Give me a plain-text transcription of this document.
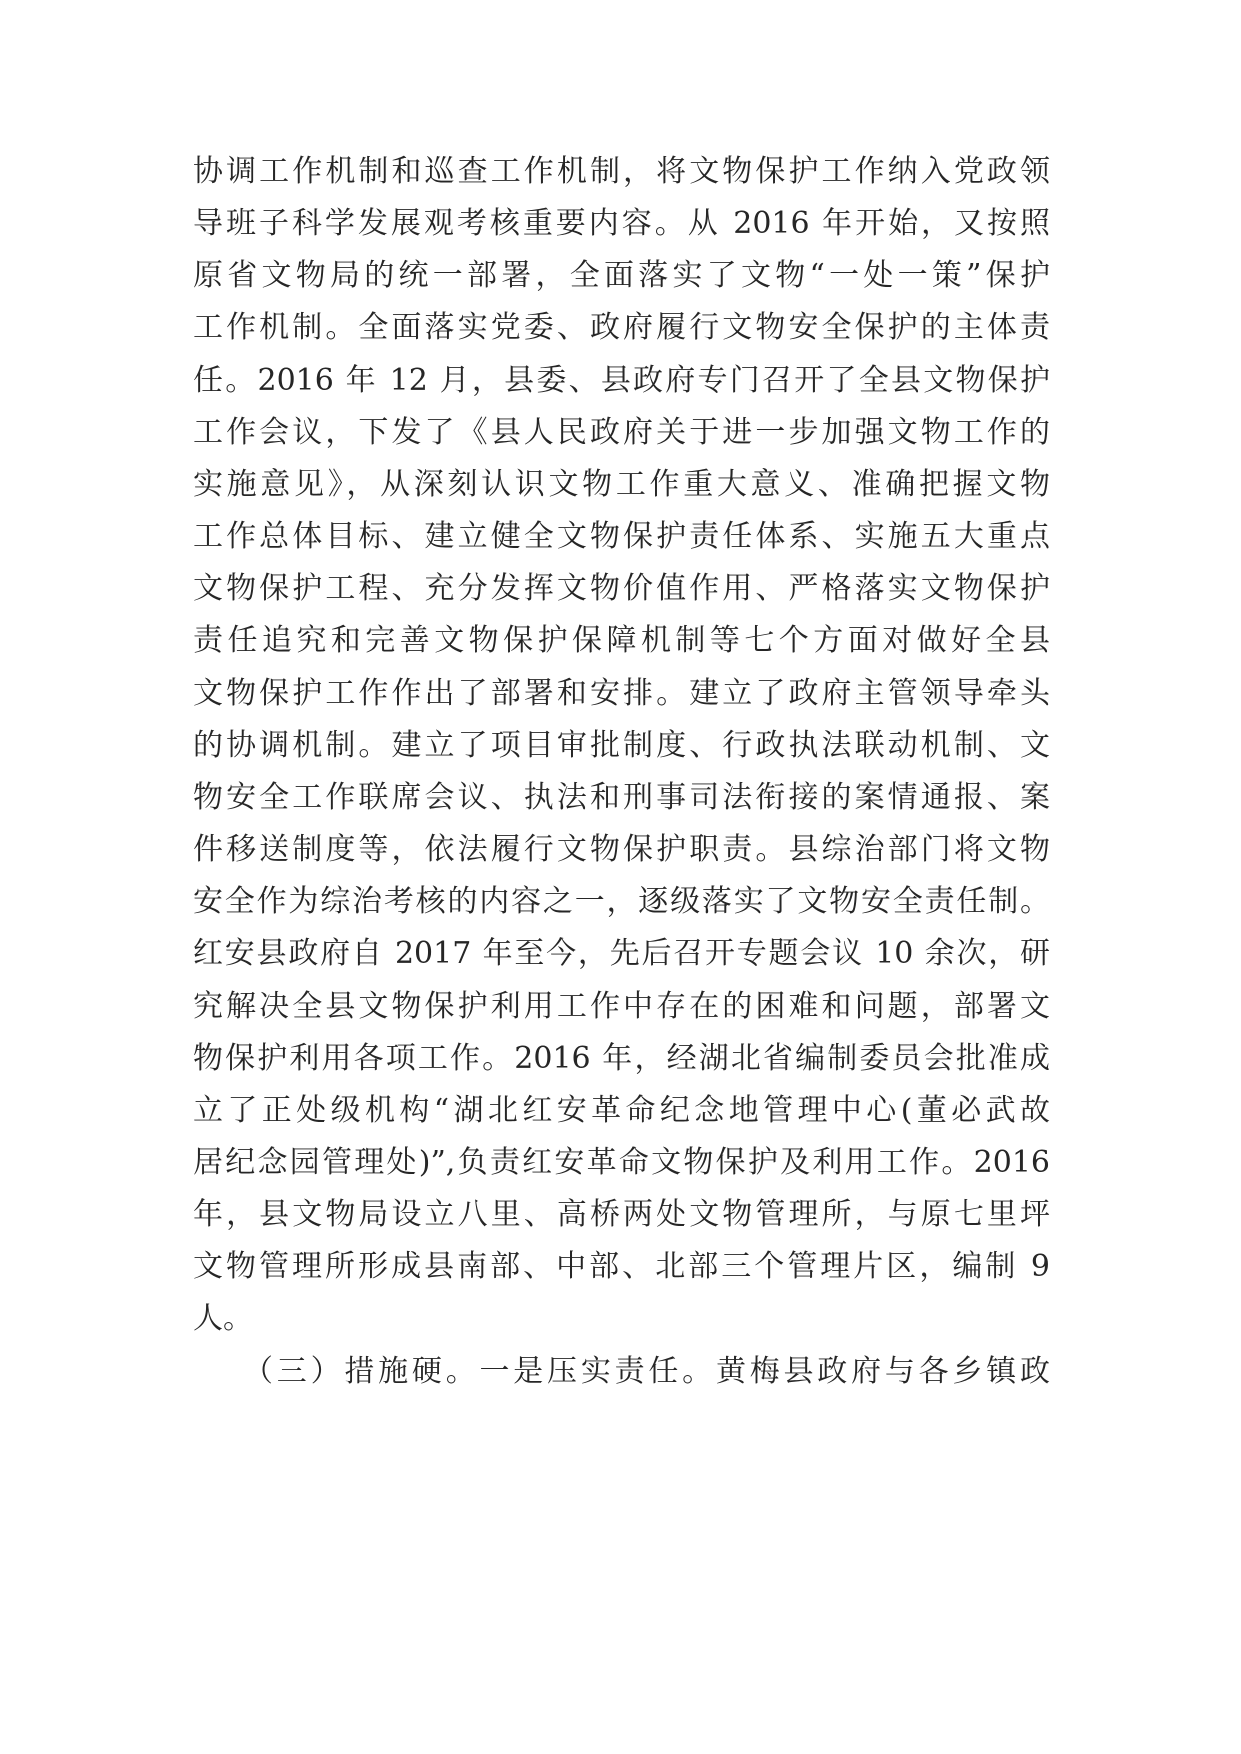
协调工作机制和巡查工作机制，将文物保护工作纳入党政领
导班子科学发展观考核重要内容。从 2016 年开始，又按照
原省文物局的统一部署，全面落实了文物“一处一策”保护
工作机制。全面落实党委、政府履行文物安全保护的主体责
任。2016 年 12 月，县委、县政府专门召开了全县文物保护
工作会议，下发了《县人民政府关于进一步加强文物工作的
实施意见》，从深刻认识文物工作重大意义、准确把握文物
工作总体目标、建立健全文物保护责任体系、实施五大重点
文物保护工程、充分发挥文物价值作用、严格落实文物保护
责任追究和完善文物保护保障机制等七个方面对做好全县
文物保护工作作出了部署和安排。建立了政府主管领导牵头
的协调机制。建立了项目审批制度、行政执法联动机制、文
物安全工作联席会议、执法和刑事司法衔接的案情通报、案
件移送制度等，依法履行文物保护职责。县综治部门将文物
安全作为综治考核的内容之一，逐级落实了文物安全责任制。
红安县政府自 2017 年至今，先后召开专题会议 10 余次，研
究解决全县文物保护利用工作中存在的困难和问题，部署文
物保护利用各项工作。2016 年，经湖北省编制委员会批准成
立了正处级机构“湖北红安革命纪念地管理中心(董必武故
居纪念园管理处)”,负责红安革命文物保护及利用工作。2016
年，县文物局设立八里、高桥两处文物管理所，与原七里坪
文物管理所形成县南部、中部、北部三个管理片区，编制 9
人。
（三）措施硬。一是压实责任。黄梅县政府与各乡镇政
